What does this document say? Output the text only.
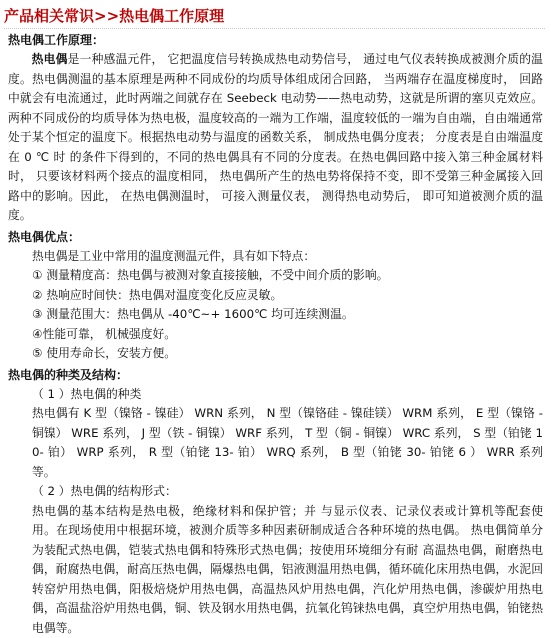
产品相关常识>>热电偶工作原理
热电偶工作原理：
热电偶是一种感温元件， 它把温度信号转换成热电动势信号， 通过电气仪表转换成被测介质的温度。热电偶测温的基本原理是两种不同成份的均质导体组成闭合回路， 当两端存在温度梯度时， 回路中就会有电流通过，此时两端之间就存在 Seebeck 电动势——热电动势，这就是所谓的塞贝克效应。两种不同成份的均质导体为热电极，温度较高的一端为工作端，温度较低的一端为自由端，自由端通常处于某个恒定的温度下。根据热电动势与温度的函数关系， 制成热电偶分度表； 分度表是自由端温度在 0 ℃ 时 的条件下得到的，不同的热电偶具有不同的分度表。在热电偶回路中接入第三种金属材料时， 只要该材料两个接点的温度相同， 热电偶所产生的热电势将保持不变，即不受第三种金属接入回路中的影响。因此， 在热电偶测温时， 可接入测量仪表， 测得热电动势后， 即可知道被测介质的温度。
热电偶优点：
热电偶是工业中常用的温度测温元件，具有如下特点：
① 测量精度高：热电偶与被测对象直接接触，不受中间介质的影响。
② 热响应时间快：热电偶对温度变化反应灵敏。
③ 测量范围大：热电偶从 -40℃~+ 1600℃ 均可连续测温。
④性能可靠， 机械强度好。
⑤ 使用寿命长，安装方便。
热电偶的种类及结构：
（ 1 ）热电偶的种类
热电偶有 K 型（镍铬 - 镍硅） WRN 系列， N 型（镍铬硅 - 镍硅镁） WRM 系列， E 型（镍铬 - 铜镍） WRE 系列， J 型（铁 - 铜镍） WRF 系列， T 型（铜 - 铜镍） WRC 系列， S 型（铂铑 10- 铂） WRP 系列， R 型（铂铑 13- 铂） WRQ 系列， B 型（铂铑 30- 铂铑 6 ） WRR 系列等。
（ 2 ）热电偶的结构形式：
热电偶的基本结构是热电极，绝缘材料和保护管；并 与显示仪表、记录仪表或计算机等配套使用。在现场使用中根据环境，被测介质等多种因素研制成适合各种环境的热电偶。 热电偶简单分为装配式热电偶，铠装式热电偶和特殊形式热电偶；按使用环境细分有耐 高温热电偶，耐磨热电偶，耐腐热电偶，耐高压热电偶，隔爆热电偶，铝液测温用热电偶，循环硫化床用热电偶，水泥回转窑炉用热电偶，阳极焙烧炉用热电偶，高温热风炉用热电偶，汽化炉用热电偶，渗碳炉用热电偶，高温盐浴炉用热电偶，铜、铁及钢水用热电偶，抗氧化钨铼热电偶，真空炉用热电偶，铂铑热电偶等。
